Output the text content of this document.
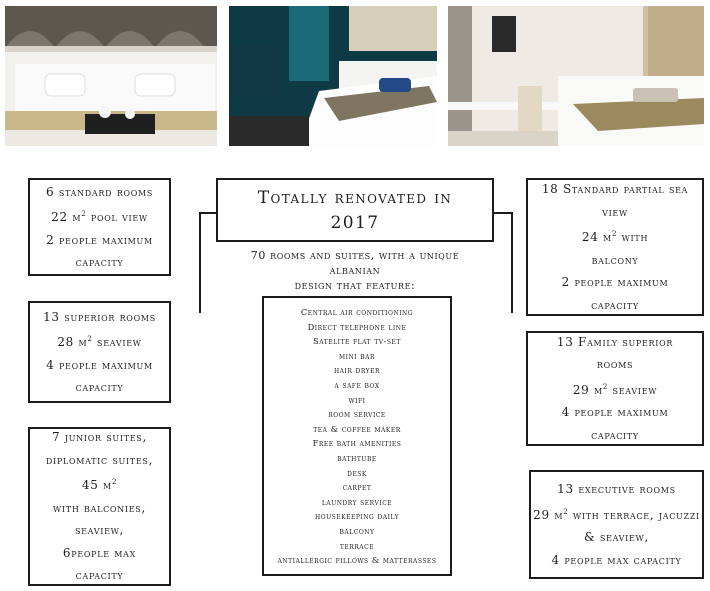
6 standard rooms
22 $m^2$ pool view
2 people maximum
capacity
13 superior rooms
28 $m^2$ seaview
4 people maximum
capacity
7 junior suites,
diplomatic suites,
45 $m^2$
with balconies,
seaview,
6people max
capacity
Totally renovated in
2017
70 rooms and suites, with a unique
albanian
design that feature:
Central air conditioning
Direct telephone line
Satelite flat tv-set
mini bar
hair dryer
a safe box
wifi
room service
tea & coffee maker
Free bath amenities
bathtube
desk
carpet
laundry service
housekeeping daily
balcony
terrace
antiallergic pillows & matterasses
18 Standard partial sea
view
24 $m^2$ with
balcony
2 people maximum
capacity
13 Family superior
rooms
29 $m^2$ seaview
4 people maximum
capacity
13 executive rooms
29 $m^2$ with terrace, jacuzzi
& seaview,
4 people max capacity
